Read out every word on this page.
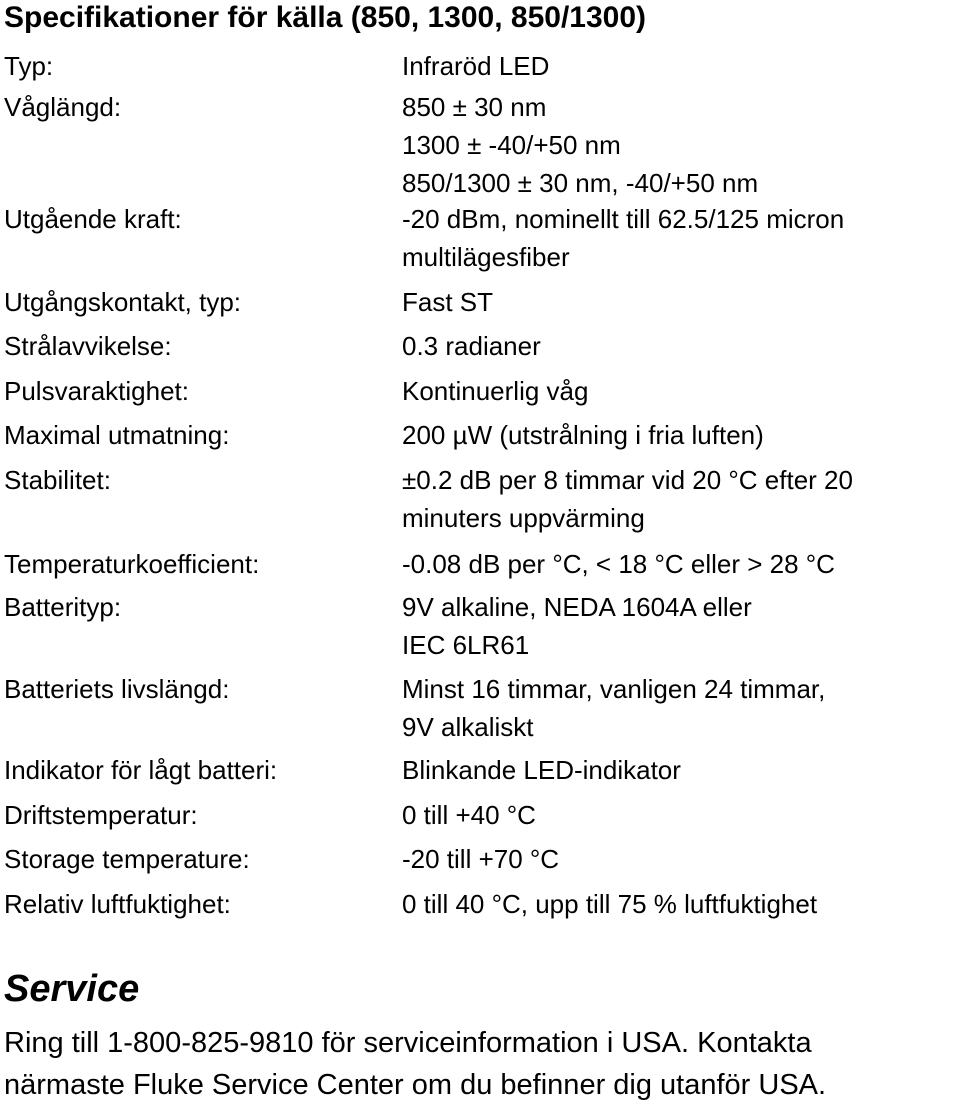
Specifikationer för källa (850, 1300, 850/1300)
Typ:	Infraröd LED
Våglängd:	850 ± 30 nm
1300 ± -40/+50 nm
850/1300 ± 30 nm, -40/+50 nm
Utgående kraft:	-20 dBm, nominellt till 62.5/125 micron
multilägesfiber
Utgångskontakt, typ:	Fast ST
Strålavvikelse:	0.3 radianer
Pulsvaraktighet:	Kontinuerlig våg
Maximal utmatning:	200 µW (utstrålning i fria luften)
Stabilitet:	±0.2 dB per 8 timmar vid 20 °C efter 20
minuters uppvärming
Temperaturkoefficient:	-0.08 dB per °C, < 18 °C eller > 28 °C
Batterityp:	9V alkaline, NEDA 1604A eller
IEC 6LR61
Batteriets livslängd:	Minst 16 timmar, vanligen 24 timmar,
9V alkaliskt
Indikator för lågt batteri:	Blinkande LED-indikator
Driftstemperatur:	0 till +40 °C
Storage temperature:	-20 till +70 °C
Relativ luftfuktighet:	0 till 40 °C, upp till 75 % luftfuktighet
Service

Ring till 1-800-825-9810 för serviceinformation i USA. Kontakta
närmaste Fluke Service Center om du befinner dig utanför USA.
